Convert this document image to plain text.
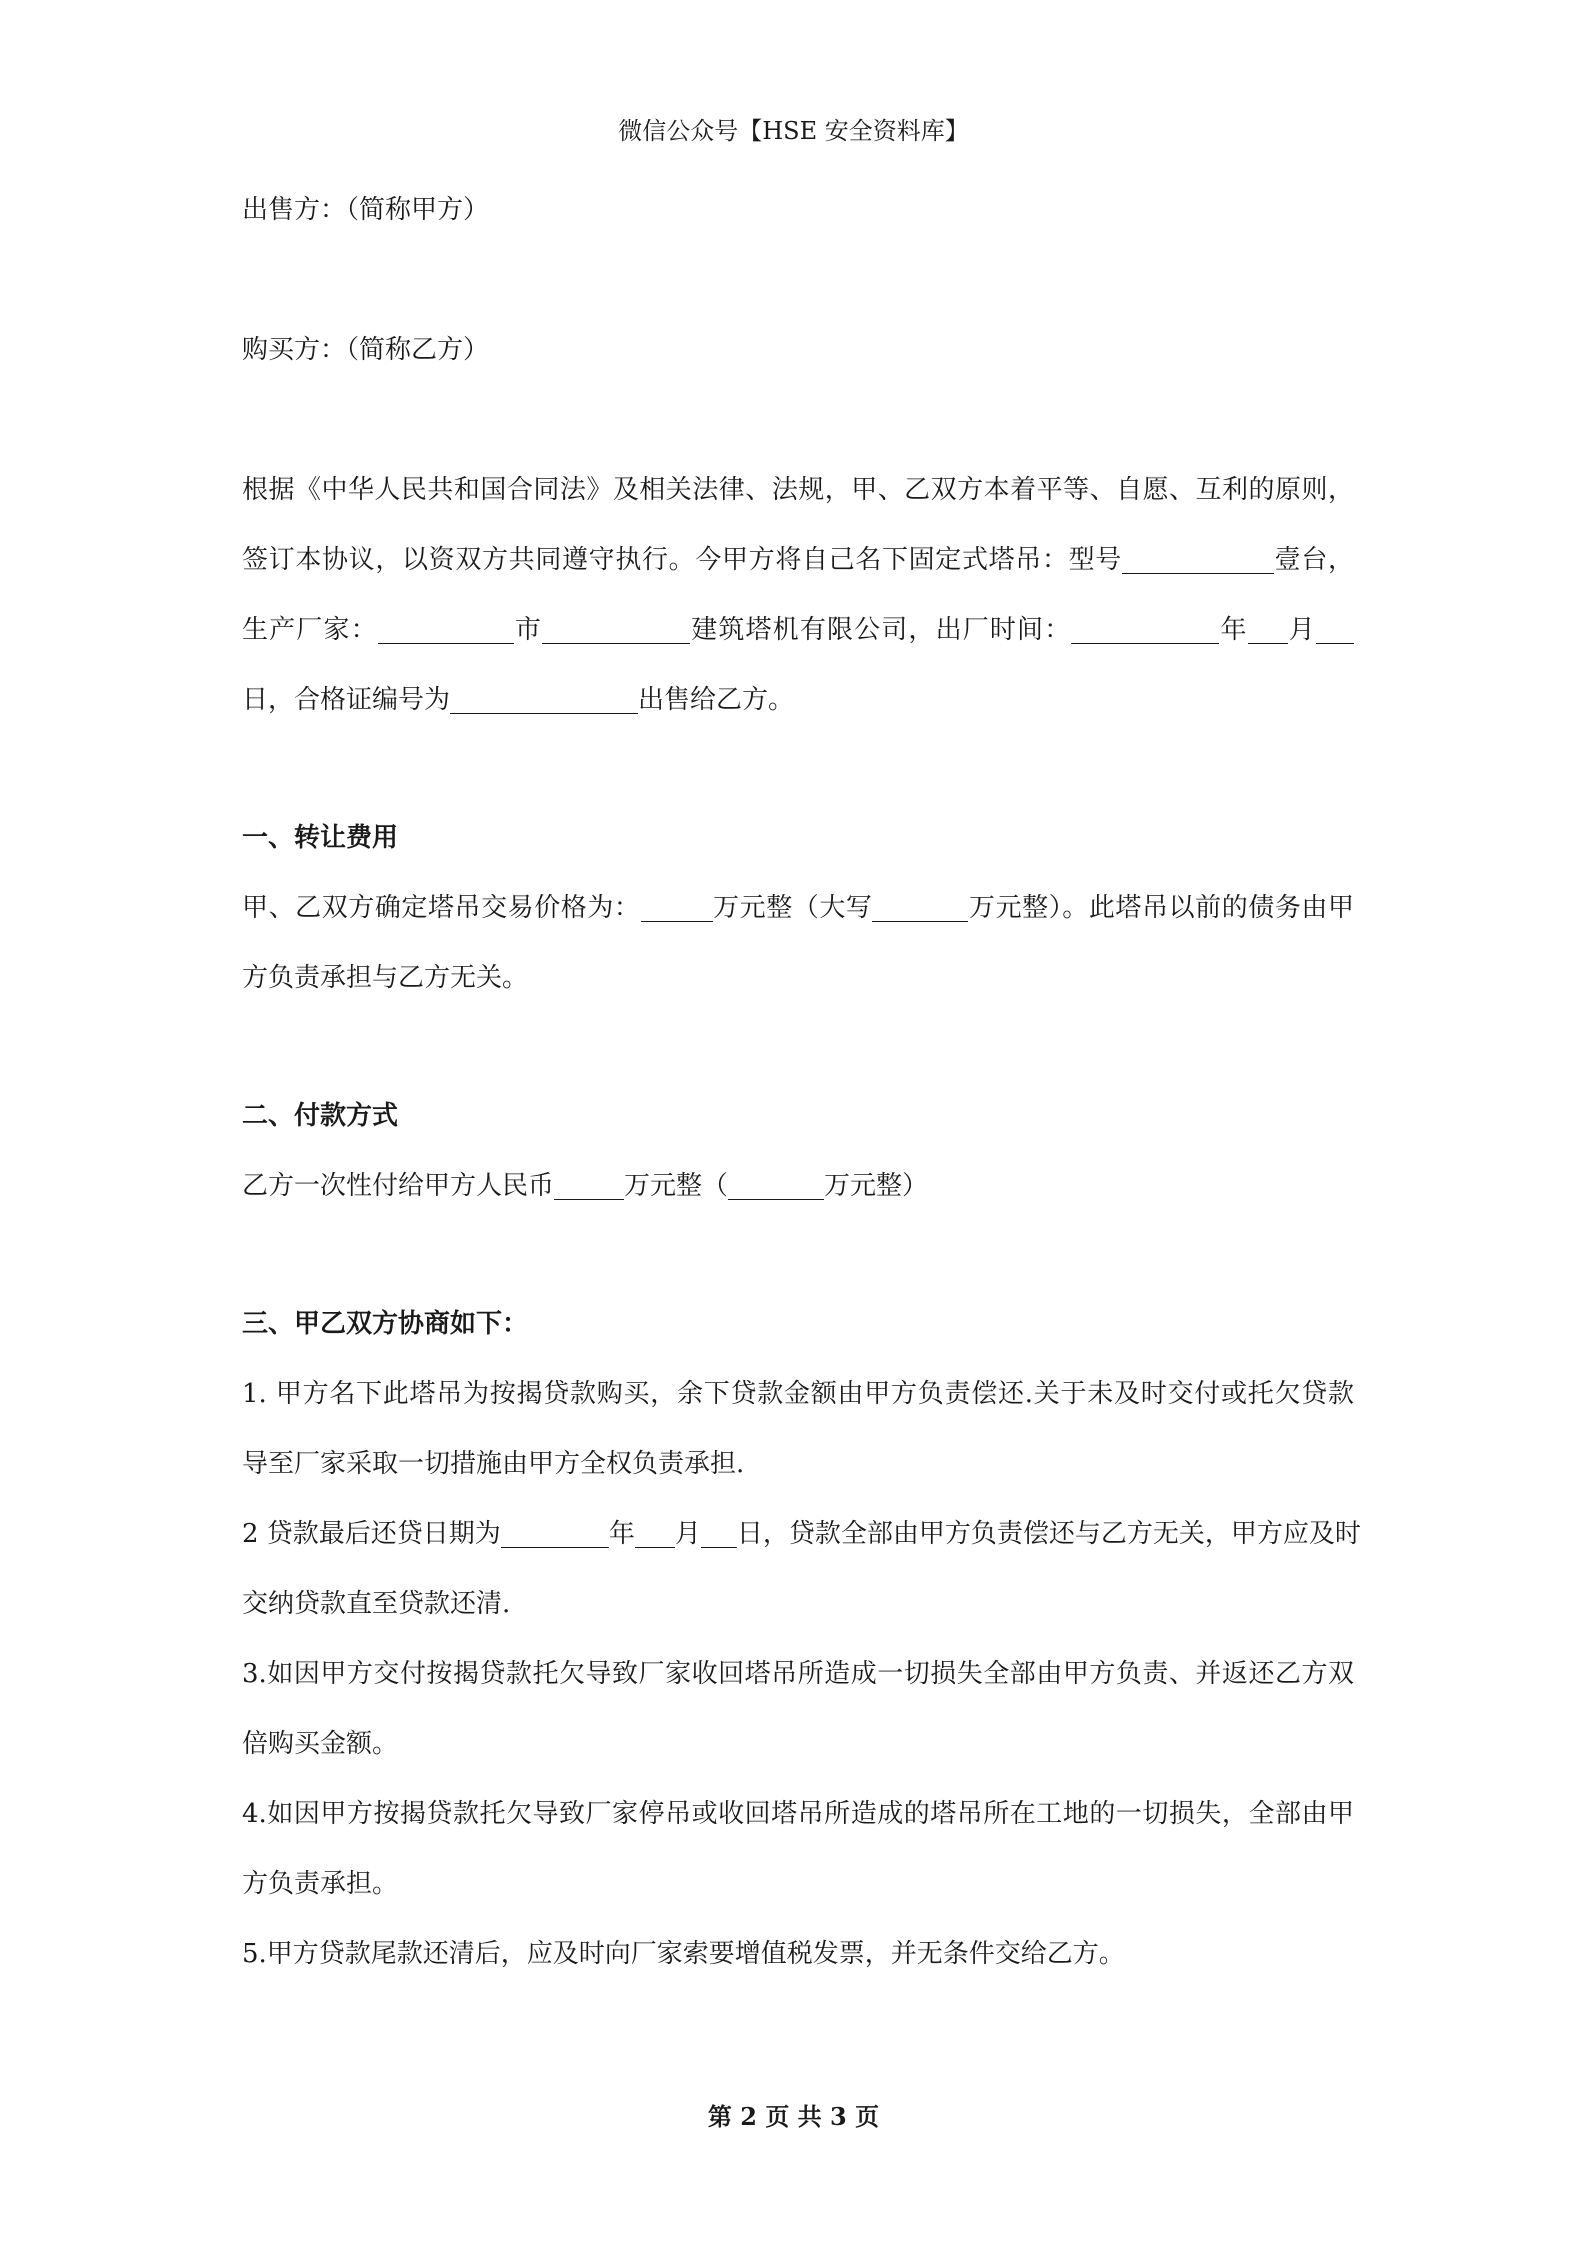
微信公众号【HSE 安全资料库】
出售方：（简称甲方）
购买方：（简称乙方）
根据《中华人民共和国合同法》及相关法律、法规，甲、乙双方本着平等、自愿、互利的原则，
签订本协议，以资双方共同遵守执行。今甲方将自己名下固定式塔吊：型号	壹台，
生产厂家：	市	建筑塔机有限公司，出厂时间：	年 月
日，合格证编号为	出售给乙方。
一、转让费用
甲、乙双方确定塔吊交易价格为：	万元整（大写	万元整）。此塔吊以前的债务由甲
方负责承担与乙方无关。
二、付款方式
乙方一次性付给甲方人民币	万元整（	万元整）
三、甲乙双方协商如下：
1. 甲方名下此塔吊为按揭贷款购买，余下贷款金额由甲方负责偿还.关于未及时交付或托欠贷款
导至厂家采取一切措施由甲方全权负责承担.
2 贷款最后还贷日期为	年 月 日，贷款全部由甲方负责偿还与乙方无关，甲方应及时
交纳贷款直至贷款还清.
3.如因甲方交付按揭贷款托欠导致厂家收回塔吊所造成一切损失全部由甲方负责、并返还乙方双
倍购买金额。
4.如因甲方按揭贷款托欠导致厂家停吊或收回塔吊所造成的塔吊所在工地的一切损失，全部由甲
方负责承担。
5.甲方贷款尾款还清后，应及时向厂家索要增值税发票，并无条件交给乙方。
第 2 页 共 3 页
